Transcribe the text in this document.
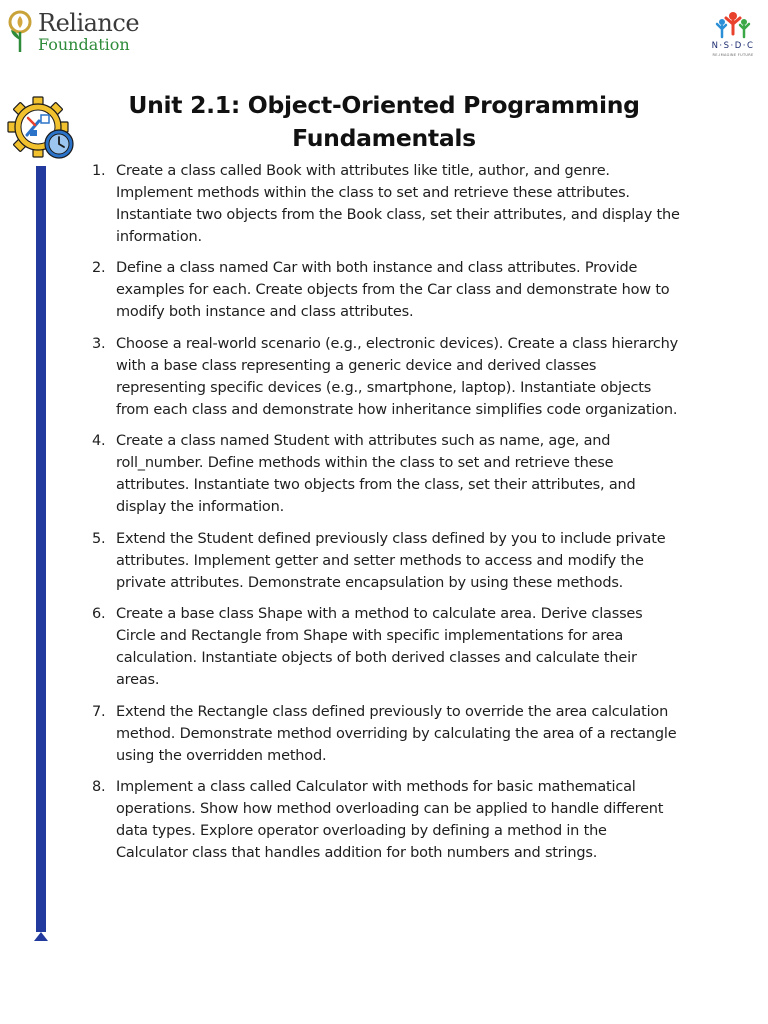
Reliance
Foundation	N·S·D·C
RE-IMAGINE FUTURE
Unit 2.1: Object-Oriented Programming
Fundamentals
1. Create a class called Book with attributes like title, author, and genre. Implement methods within the class to set and retrieve these attributes. Instantiate two objects from the Book class, set their attributes, and display the information.
2. Define a class named Car with both instance and class attributes. Provide examples for each. Create objects from the Car class and demonstrate how to modify both instance and class attributes.
3. Choose a real-world scenario (e.g., electronic devices). Create a class hierarchy with a base class representing a generic device and derived classes representing specific devices (e.g., smartphone, laptop). Instantiate objects from each class and demonstrate how inheritance simplifies code organization.
4. Create a class named Student with attributes such as name, age, and roll_number. Define methods within the class to set and retrieve these attributes. Instantiate two objects from the class, set their attributes, and display the information.
5. Extend the Student defined previously class defined by you to include private attributes. Implement getter and setter methods to access and modify the private attributes. Demonstrate encapsulation by using these methods.
6. Create a base class Shape with a method to calculate area. Derive classes Circle and Rectangle from Shape with specific implementations for area calculation. Instantiate objects of both derived classes and calculate their areas.
7. Extend the Rectangle class defined previously to override the area calculation method. Demonstrate method overriding by calculating the area of a rectangle using the overridden method.
8. Implement a class called Calculator with methods for basic mathematical operations. Show how method overloading can be applied to handle different data types. Explore operator overloading by defining a method in the Calculator class that handles addition for both numbers and strings.
